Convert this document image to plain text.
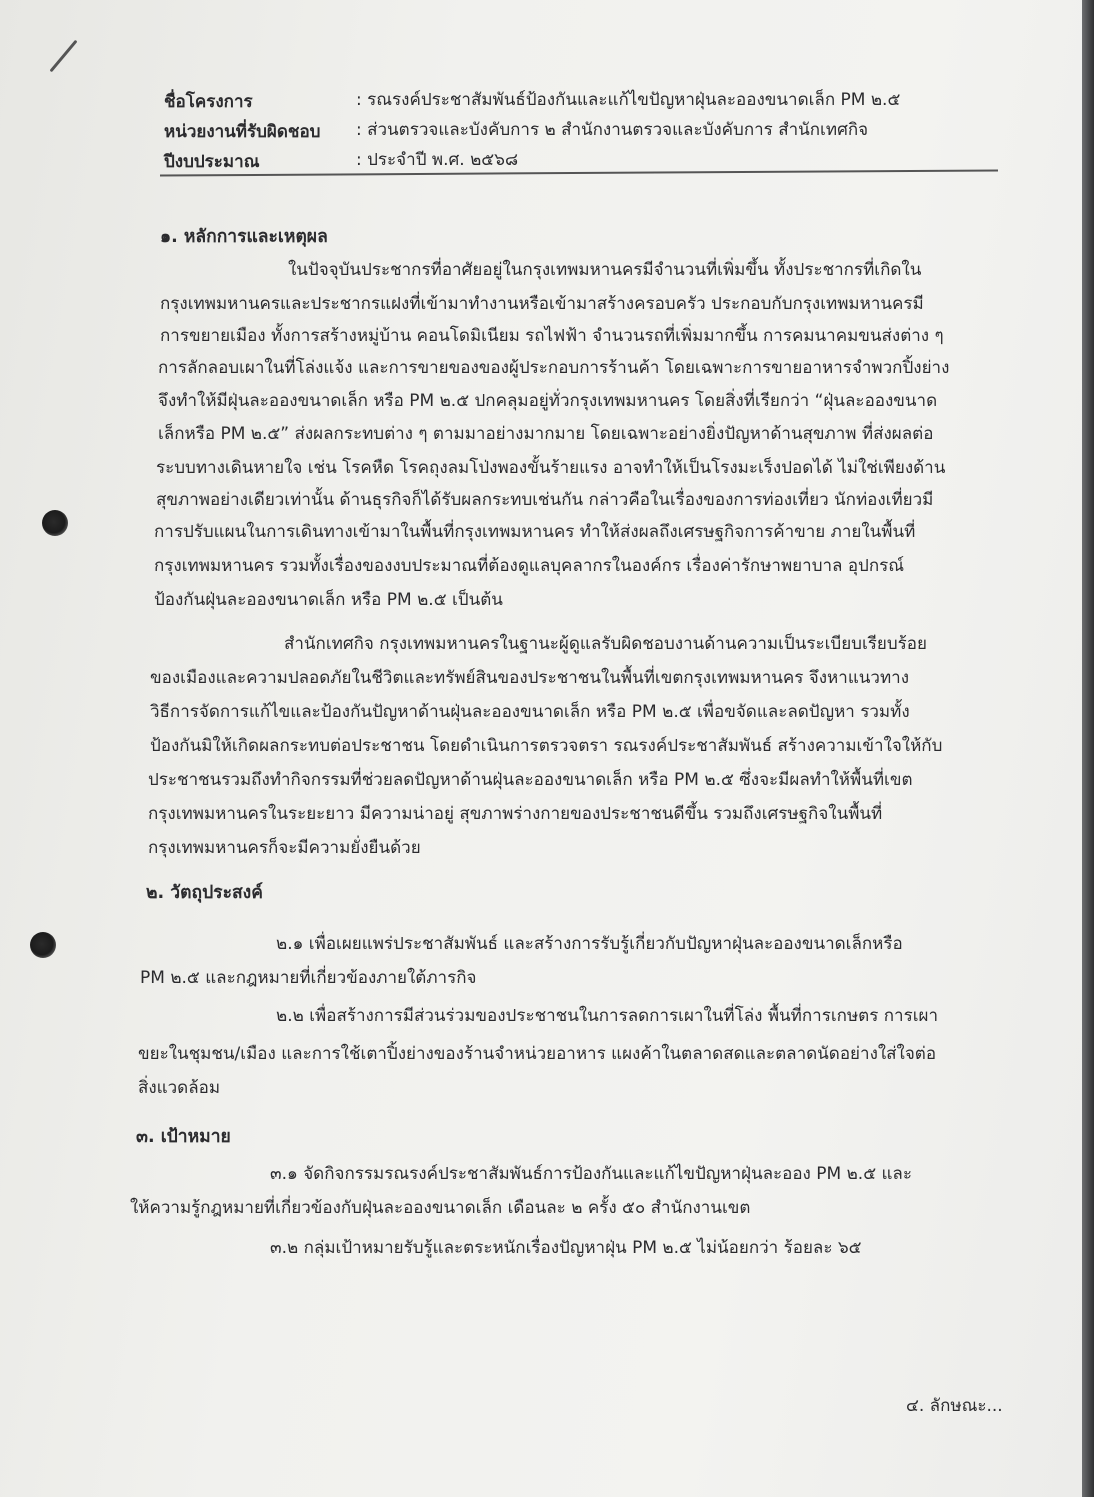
ชื่อโครงการ	: รณรงค์ประชาสัมพันธ์ป้องกันและแก้ไขปัญหาฝุ่นละอองขนาดเล็ก PM ๒.๕
หน่วยงานที่รับผิดชอบ : ส่วนตรวจและบังคับการ ๒ สำนักงานตรวจและบังคับการ สำนักเทศกิจ
ปีงบประมาณ	: ประจำปี พ.ศ. ๒๕๖๘
๑. หลักการและเหตุผล
ในปัจจุบันประชากรที่อาศัยอยู่ในกรุงเทพมหานครมีจำนวนที่เพิ่มขึ้น ทั้งประชากรที่เกิดใน
กรุงเทพมหานครและประชากรแฝงที่เข้ามาทำงานหรือเข้ามาสร้างครอบครัว ประกอบกับกรุงเทพมหานครมี
การขยายเมือง ทั้งการสร้างหมู่บ้าน คอนโดมิเนียม รถไฟฟ้า จำนวนรถที่เพิ่มมากขึ้น การคมนาคมขนส่งต่าง ๆ
การลักลอบเผาในที่โล่งแจ้ง และการขายของของผู้ประกอบการร้านค้า โดยเฉพาะการขายอาหารจำพวกปิ้งย่าง
จึงทำให้มีฝุ่นละอองขนาดเล็ก หรือ PM ๒.๕ ปกคลุมอยู่ทั่วกรุงเทพมหานคร โดยสิ่งที่เรียกว่า “ฝุ่นละอองขนาด
เล็กหรือ PM ๒.๕” ส่งผลกระทบต่าง ๆ ตามมาอย่างมากมาย โดยเฉพาะอย่างยิ่งปัญหาด้านสุขภาพ ที่ส่งผลต่อ
ระบบทางเดินหายใจ เช่น โรคหืด โรคถุงลมโป่งพองขั้นร้ายแรง อาจทำให้เป็นโรงมะเร็งปอดได้ ไม่ใช่เพียงด้าน
สุขภาพอย่างเดียวเท่านั้น ด้านธุรกิจก็ได้รับผลกระทบเช่นกัน กล่าวคือในเรื่องของการท่องเที่ยว นักท่องเที่ยวมี
การปรับแผนในการเดินทางเข้ามาในพื้นที่กรุงเทพมหานคร ทำให้ส่งผลถึงเศรษฐกิจการค้าขาย ภายในพื้นที่
กรุงเทพมหานคร รวมทั้งเรื่องของงบประมาณที่ต้องดูแลบุคลากรในองค์กร เรื่องค่ารักษาพยาบาล อุปกรณ์
ป้องกันฝุ่นละอองขนาดเล็ก หรือ PM ๒.๕ เป็นต้น
สำนักเทศกิจ กรุงเทพมหานครในฐานะผู้ดูแลรับผิดชอบงานด้านความเป็นระเบียบเรียบร้อย
ของเมืองและความปลอดภัยในชีวิตและทรัพย์สินของประชาชนในพื้นที่เขตกรุงเทพมหานคร จึงหาแนวทาง
วิธีการจัดการแก้ไขและป้องกันปัญหาด้านฝุ่นละอองขนาดเล็ก หรือ PM ๒.๕ เพื่อขจัดและลดปัญหา รวมทั้ง
ป้องกันมิให้เกิดผลกระทบต่อประชาชน โดยดำเนินการตรวจตรา รณรงค์ประชาสัมพันธ์ สร้างความเข้าใจให้กับ
ประชาชนรวมถึงทำกิจกรรมที่ช่วยลดปัญหาด้านฝุ่นละอองขนาดเล็ก หรือ PM ๒.๕ ซึ่งจะมีผลทำให้พื้นที่เขต
กรุงเทพมหานครในระยะยาว มีความน่าอยู่ สุขภาพร่างกายของประชาชนดีขึ้น รวมถึงเศรษฐกิจในพื้นที่
กรุงเทพมหานครก็จะมีความยั่งยืนด้วย
๒. วัตถุประสงค์
๒.๑ เพื่อเผยแพร่ประชาสัมพันธ์ และสร้างการรับรู้เกี่ยวกับปัญหาฝุ่นละอองขนาดเล็กหรือ
PM ๒.๕ และกฎหมายที่เกี่ยวข้องภายใต้ภารกิจ
๒.๒ เพื่อสร้างการมีส่วนร่วมของประชาชนในการลดการเผาในที่โล่ง พื้นที่การเกษตร การเผา
ขยะในชุมชน/เมือง และการใช้เตาปิ้งย่างของร้านจำหน่วยอาหาร แผงค้าในตลาดสดและตลาดนัดอย่างใส่ใจต่อ
สิ่งแวดล้อม
๓. เป้าหมาย
๓.๑ จัดกิจกรรมรณรงค์ประชาสัมพันธ์การป้องกันและแก้ไขปัญหาฝุ่นละออง PM ๒.๕ และ
ให้ความรู้กฎหมายที่เกี่ยวข้องกับฝุ่นละอองขนาดเล็ก เดือนละ ๒ ครั้ง ๕๐ สำนักงานเขต
๓.๒ กลุ่มเป้าหมายรับรู้และตระหนักเรื่องปัญหาฝุ่น PM ๒.๕ ไม่น้อยกว่า ร้อยละ ๖๕
๔. ลักษณะ...
